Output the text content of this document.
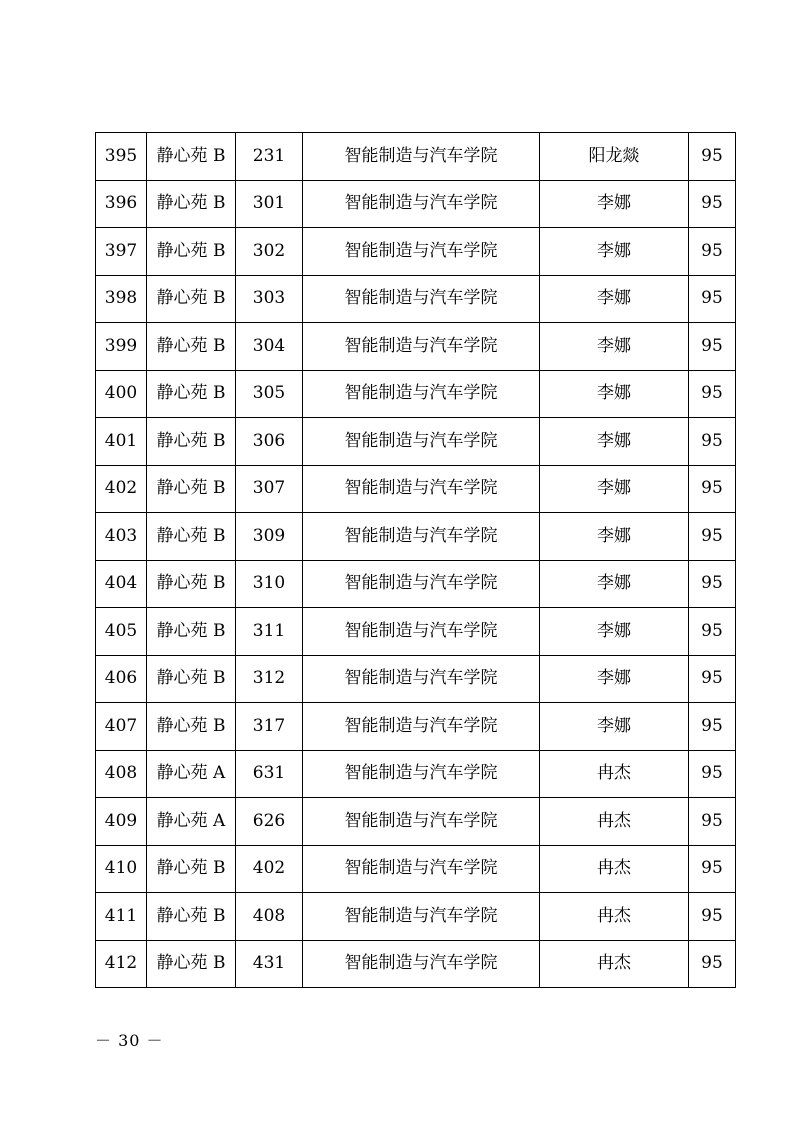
395	静心苑 B	231	智能制造与汽车学院	阳龙燚	95
396	静心苑 B	301	智能制造与汽车学院	李娜	95
397	静心苑 B	302	智能制造与汽车学院	李娜	95
398	静心苑 B	303	智能制造与汽车学院	李娜	95
399	静心苑 B	304	智能制造与汽车学院	李娜	95
400	静心苑 B	305	智能制造与汽车学院	李娜	95
401	静心苑 B	306	智能制造与汽车学院	李娜	95
402	静心苑 B	307	智能制造与汽车学院	李娜	95
403	静心苑 B	309	智能制造与汽车学院	李娜	95
404	静心苑 B	310	智能制造与汽车学院	李娜	95
405	静心苑 B	311	智能制造与汽车学院	李娜	95
406	静心苑 B	312	智能制造与汽车学院	李娜	95
407	静心苑 B	317	智能制造与汽车学院	李娜	95
408	静心苑 A	631	智能制造与汽车学院	冉杰	95
409	静心苑 A	626	智能制造与汽车学院	冉杰	95
410	静心苑 B	402	智能制造与汽车学院	冉杰	95
411	静心苑 B	408	智能制造与汽车学院	冉杰	95
412	静心苑 B	431	智能制造与汽车学院	冉杰	95
－ 30 －
